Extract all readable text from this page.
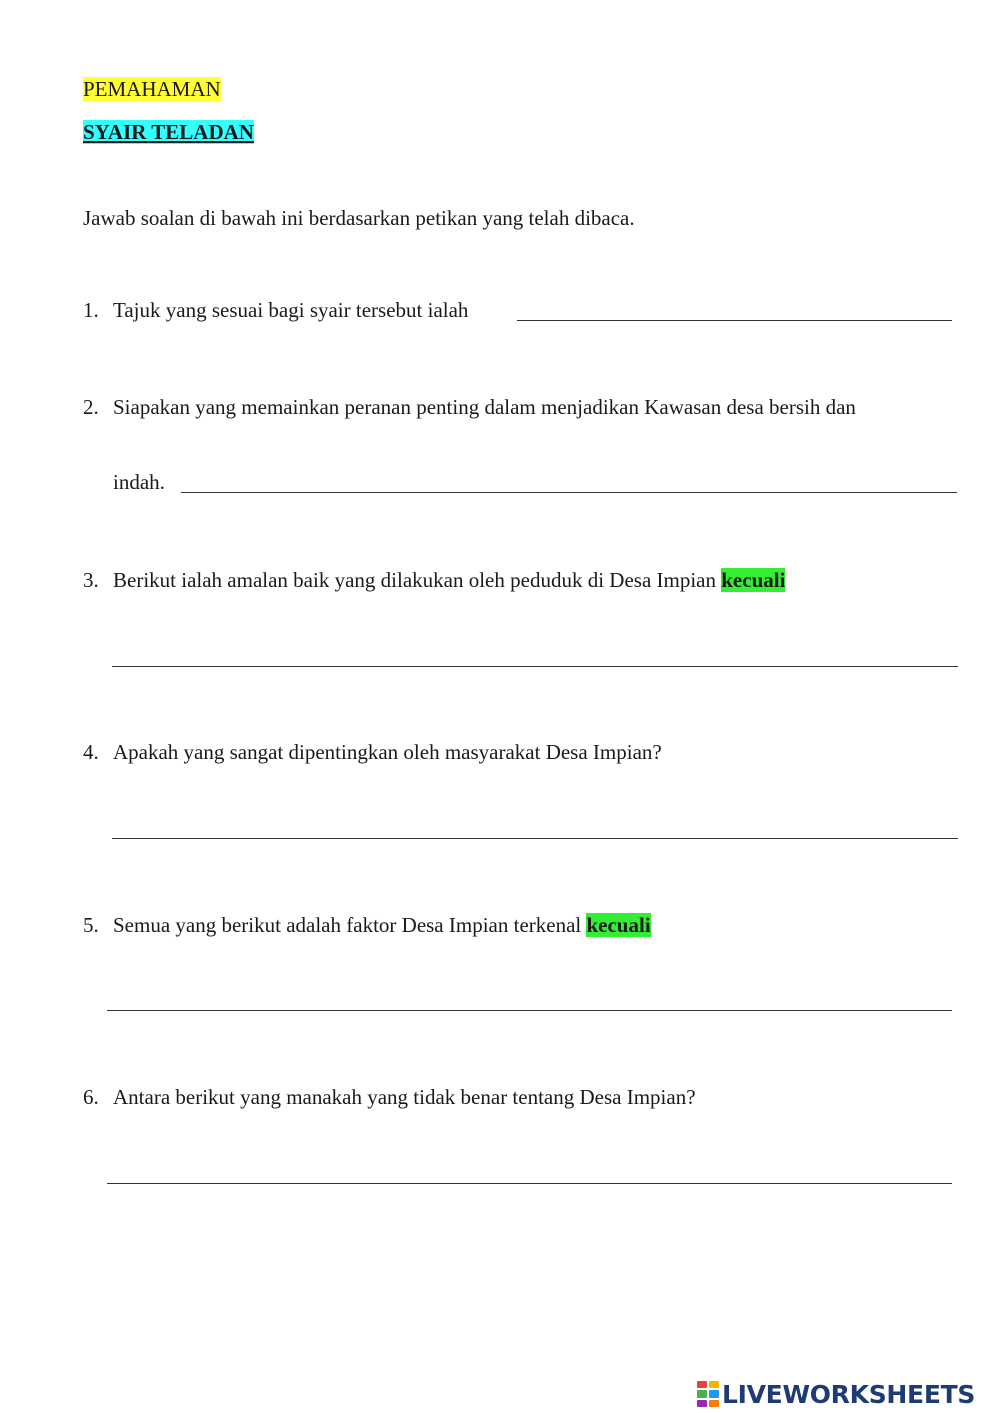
PEMAHAMAN
SYAIR TELADAN
Jawab soalan di bawah ini berdasarkan petikan yang telah dibaca.
1. Tajuk yang sesuai bagi syair tersebut ialah
2. Siapakan yang memainkan peranan penting dalam menjadikan Kawasan desa bersih dan
indah.
3. Berikut ialah amalan baik yang dilakukan oleh peduduk di Desa Impian kecuali
4. Apakah yang sangat dipentingkan oleh masyarakat Desa Impian?
5. Semua yang berikut adalah faktor Desa Impian terkenal kecuali
6. Antara berikut yang manakah yang tidak benar tentang Desa Impian?
LIVEWORKSHEETS
